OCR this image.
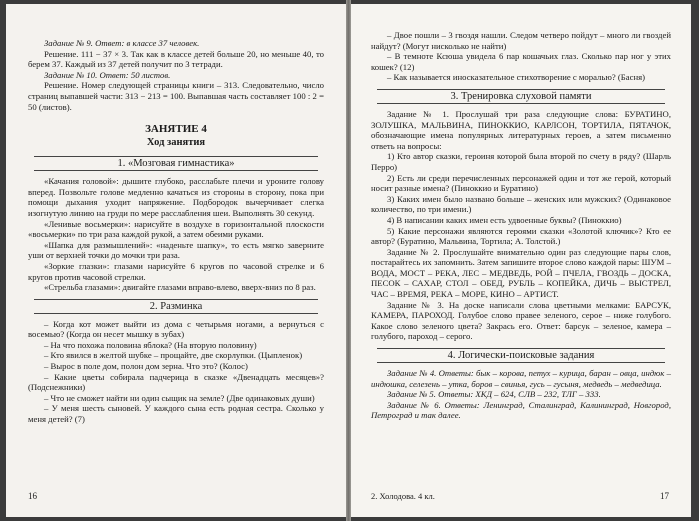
Задание № 9. Ответ: в классе 37 человек.

Решение. 111 − 37 × 3. Так как в классе детей больше 20, но меньше 40, то берем 37. Каждый из 37 детей получит по 3 тетради.

Задание № 10. Ответ: 50 листов.

Решение. Номер следующей страницы книги – 313. Следовательно, число страниц выпавшей части: 313 − 213 = 100. Выпавшая часть составляет 100 : 2 = 50 (листов).

ЗАНЯТИЕ 4

Ход занятия

1. «Мозговая гимнастика»

«Качания головой»: дышите глубоко, расслабьте плечи и уроните голову вперед. Позвольте голове медленно качаться из стороны в сторону, пока при помощи дыхания уходит напряжение. Подбородок вычерчивает слегка изогнутую линию на груди по мере расслабления шеи. Выполнять 30 секунд.

«Ленивые восьмерки»: нарисуйте в воздухе в горизонтальной плоскости «восьмерки» по три раза каждой рукой, а затем обеими руками.

«Шапка для размышлений»: «наденьте шапку», то есть мягко заверните уши от верхней точки до мочки три раза.

«Зоркие глазки»: глазами нарисуйте 6 кругов по часовой стрелке и 6 кругов против часовой стрелки.

«Стрельба глазами»: двигайте глазами вправо-влево, вверх-вниз по 8 раз.

2. Разминка

– Когда кот может выйти из дома с четырьмя ногами, а вернуться с восемью? (Когда он несет мышку в зубах)

– На что похожа половина яблока? (На вторую половину)

– Кто явился в желтой шубке – прощайте, две скорлупки. (Цыпленок)

– Вырос в поле дом, полон дом зерна. Что это? (Колос)

– Какие цветы собирала падчерица в сказке «Двенадцать месяцев»? (Подснежники)

– Что не сможет найти ни один сыщик на земле? (Две одинаковых души)

– У меня шесть сыновей. У каждого сына есть родная сестра. Сколько у меня детей? (7)

16

– Двое пошли – 3 гвоздя нашли. Следом четверо пойдут – много ли гвоздей найдут? (Могут нисколько не найти)

– В темноте Ксюша увидела 6 пар кошачьих глаз. Сколько пар ног у этих кошек? (12)

– Как называется иносказательное стихотворение с моралью? (Басня)

3. Тренировка слуховой памяти

Задание № 1. Прослушай три раза следующие слова: БУРАТИНО, ЗОЛУШКА, МАЛЬВИНА, ПИНОККИО, КАРЛСОН, ТОРТИЛА, ПЯТАЧОК, обозначающие имена популярных литературных героев, а затем письменно ответь на вопросы:

1) Кто автор сказки, героиня которой была второй по счету в ряду? (Шарль Перро)

2) Есть ли среди перечисленных персонажей один и тот же герой, который носит разные имена? (Пиноккио и Буратино)

3) Каких имен было названо больше – женских или мужских? (Одинаковое количество, по три имени.)

4) В написании каких имен есть удвоенные буквы? (Пиноккио)

5) Какие персонажи являются героями сказки «Золотой ключик»? Кто ее автор? (Буратино, Мальвина, Тортила; А. Толстой.)

Задание № 2. Прослушайте внимательно один раз следующие пары слов, постарайтесь их запомнить. Затем запишите второе слово каждой пары: ШУМ – ВОДА, МОСТ – РЕКА, ЛЕС – МЕДВЕДЬ, РОЙ – ПЧЕЛА, ГВОЗДЬ – ДОСКА, ПЕСОК – САХАР, СТОЛ – ОБЕД, РУБЛЬ – КОПЕЙКА, ДИЧЬ – ВЫСТРЕЛ, ЧАС – ВРЕМЯ, РЕКА – МОРЕ, КИНО – АРТИСТ.

Задание № 3. На доске написали слова цветными мелками: БАРСУК, КАМЕРА, ПАРОХОД. Голубое слово правее зеленого, серое – ниже голубого. Какое слово зеленого цвета? Закрась его. Ответ: барсук – зеленое, камера – голубого, пароход – серого.

4. Логически-поисковые задания

Задание № 4. Ответы: бык – корова, петух – курица, баран – овца, индюк – индюшка, селезень – утка, боров – свинья, гусь – гусыня, медведь – медведица.

Задание № 5. Ответы: ХКД – 624, СЛВ – 232, ТЛГ – 333.

Задание № 6. Ответы: Ленинград, Сталинград, Калининград, Новгород, Петроград и так далее.

2. Холодова. 4 кл.	17
